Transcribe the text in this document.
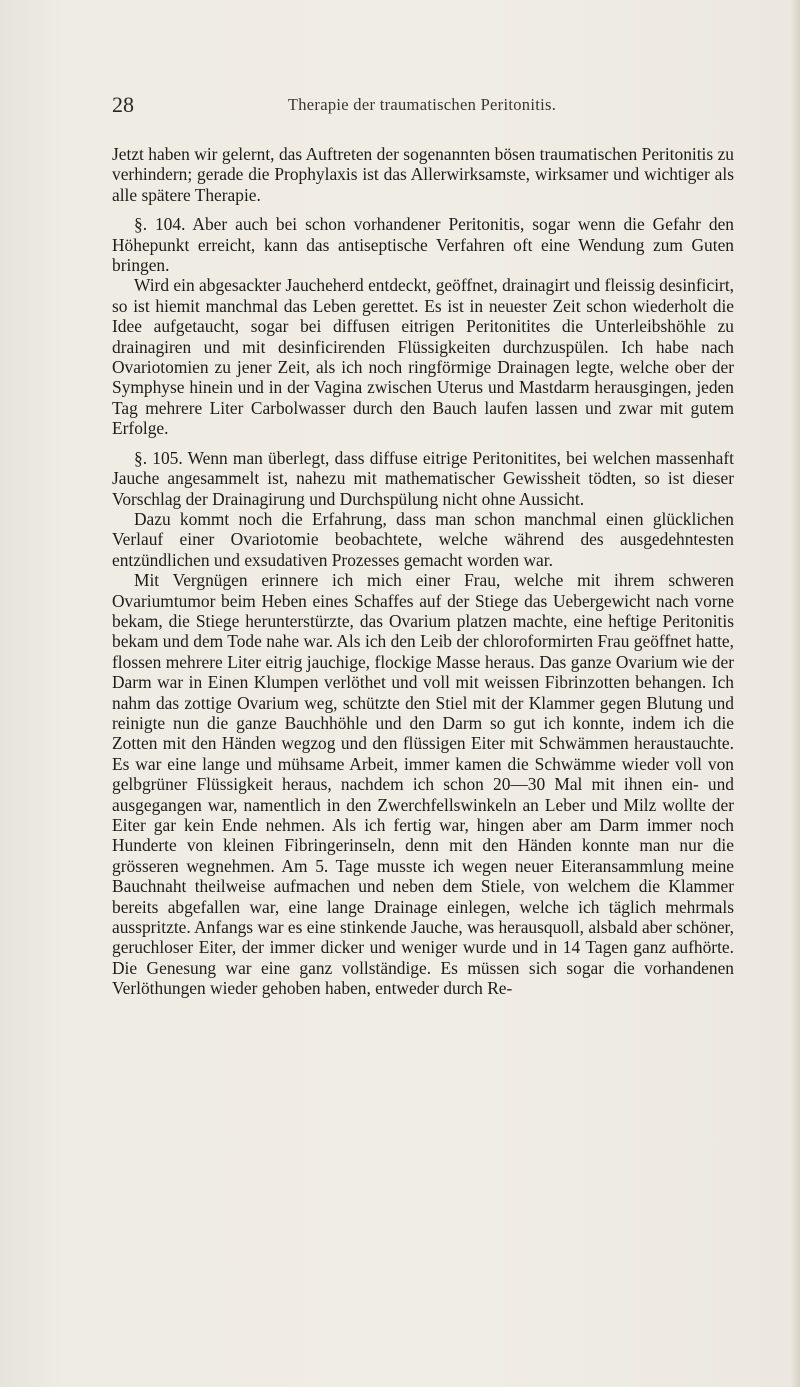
28	Therapie der traumatischen Peritonitis.

Jetzt haben wir gelernt, das Auftreten der sogenannten bösen traumatischen Peritonitis zu verhindern; gerade die Prophylaxis ist das Allerwirksamste, wirksamer und wichtiger als alle spätere Therapie.

§. 104. Aber auch bei schon vorhandener Peritonitis, sogar wenn die Gefahr den Höhepunkt erreicht, kann das antiseptische Verfahren oft eine Wendung zum Guten bringen.

Wird ein abgesackter Jaucheherd entdeckt, geöffnet, drainagirt und fleissig desinficirt, so ist hiemit manchmal das Leben gerettet. Es ist in neuester Zeit schon wiederholt die Idee aufgetaucht, sogar bei diffusen eitrigen Peritonitites die Unterleibshöhle zu drainagiren und mit desinficirenden Flüssigkeiten durchzuspülen. Ich habe nach Ovariotomien zu jener Zeit, als ich noch ringförmige Drainagen legte, welche ober der Symphyse hinein und in der Vagina zwischen Uterus und Mastdarm herausgingen, jeden Tag mehrere Liter Carbolwasser durch den Bauch laufen lassen und zwar mit gutem Erfolge.

§. 105. Wenn man überlegt, dass diffuse eitrige Peritonitites, bei welchen massenhaft Jauche angesammelt ist, nahezu mit mathematischer Gewissheit tödten, so ist dieser Vorschlag der Drainagirung und Durchspülung nicht ohne Aussicht.

Dazu kommt noch die Erfahrung, dass man schon manchmal einen glücklichen Verlauf einer Ovariotomie beobachtete, welche während des ausgedehntesten entzündlichen und exsudativen Prozesses gemacht worden war.

Mit Vergnügen erinnere ich mich einer Frau, welche mit ihrem schweren Ovariumtumor beim Heben eines Schaffes auf der Stiege das Uebergewicht nach vorne bekam, die Stiege herunterstürzte, das Ovarium platzen machte, eine heftige Peritonitis bekam und dem Tode nahe war. Als ich den Leib der chloroformirten Frau geöffnet hatte, flossen mehrere Liter eitrig jauchige, flockige Masse heraus. Das ganze Ovarium wie der Darm war in Einen Klumpen verlöthet und voll mit weissen Fibrinzotten behangen. Ich nahm das zottige Ovarium weg, schützte den Stiel mit der Klammer gegen Blutung und reinigte nun die ganze Bauchhöhle und den Darm so gut ich konnte, indem ich die Zotten mit den Händen wegzog und den flüssigen Eiter mit Schwämmen heraustauchte. Es war eine lange und mühsame Arbeit, immer kamen die Schwämme wieder voll von gelbgrüner Flüssigkeit heraus, nachdem ich schon 20—30 Mal mit ihnen ein- und ausgegangen war, namentlich in den Zwerchfellswinkeln an Leber und Milz wollte der Eiter gar kein Ende nehmen. Als ich fertig war, hingen aber am Darm immer noch Hunderte von kleinen Fibringerinseln, denn mit den Händen konnte man nur die grösseren wegnehmen. Am 5. Tage musste ich wegen neuer Eiteransammlung meine Bauchnaht theilweise aufmachen und neben dem Stiele, von welchem die Klammer bereits abgefallen war, eine lange Drainage einlegen, welche ich täglich mehrmals ausspritzte. Anfangs war es eine stinkende Jauche, was herausquoll, alsbald aber schöner, geruchloser Eiter, der immer dicker und weniger wurde und in 14 Tagen ganz aufhörte. Die Genesung war eine ganz vollständige. Es müssen sich sogar die vorhandenen Verlöthungen wieder gehoben haben, entweder durch Re-
